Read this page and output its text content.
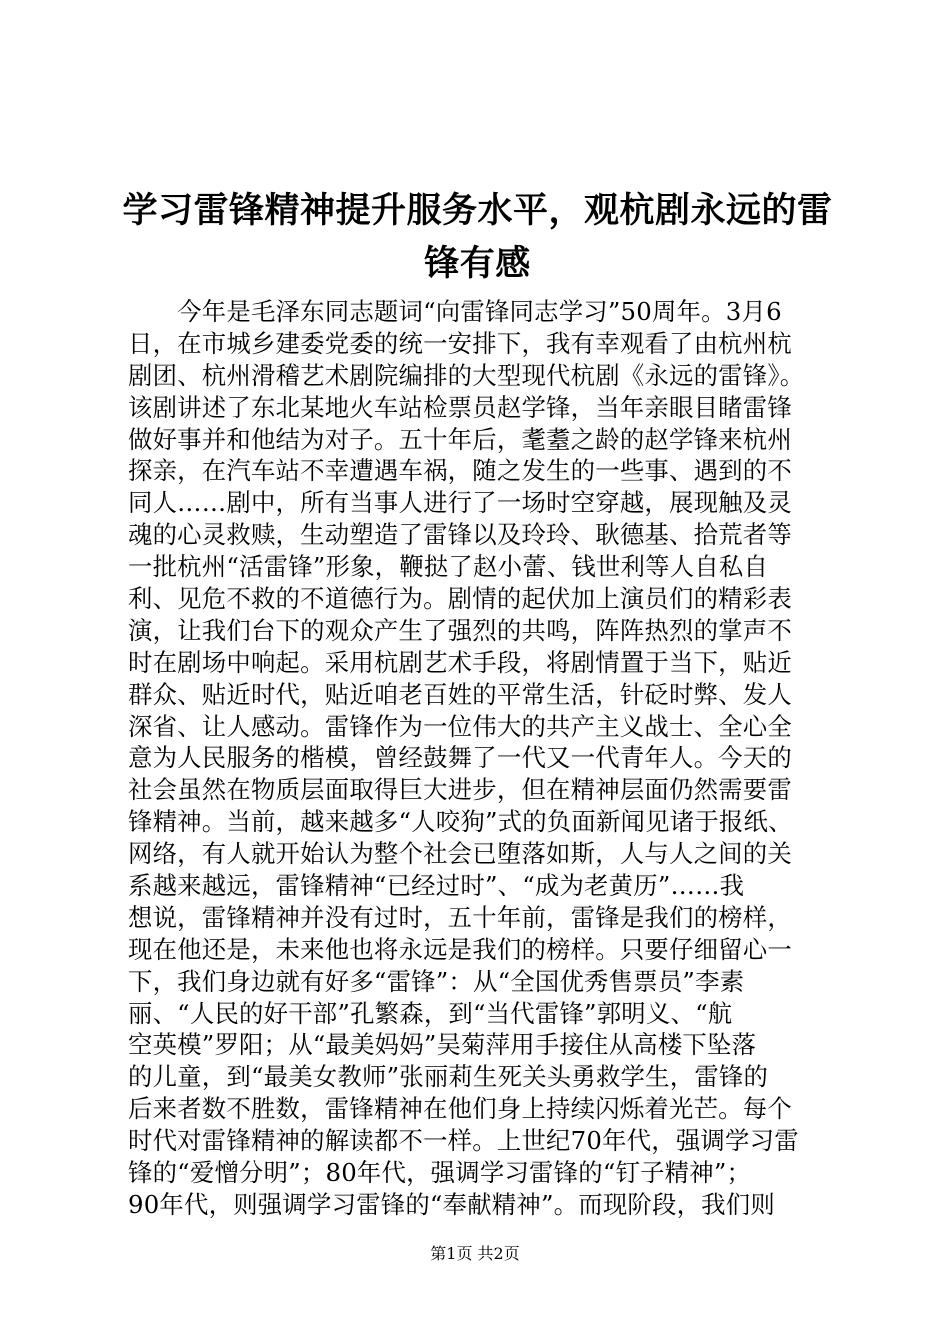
学习雷锋精神提升服务水平，观杭剧永远的雷
锋有感
　　今年是毛泽东同志题词“向雷锋同志学习”50周年。3月6
日，在市城乡建委党委的统一安排下，我有幸观看了由杭州杭
剧团、杭州滑稽艺术剧院编排的大型现代杭剧《永远的雷锋》。
该剧讲述了东北某地火车站检票员赵学锋，当年亲眼目睹雷锋
做好事并和他结为对子。五十年后，耄耋之龄的赵学锋来杭州
探亲，在汽车站不幸遭遇车祸，随之发生的一些事、遇到的不
同人……剧中，所有当事人进行了一场时空穿越，展现触及灵
魂的心灵救赎，生动塑造了雷锋以及玲玲、耿德基、拾荒者等
一批杭州“活雷锋”形象，鞭挞了赵小蕾、钱世利等人自私自
利、见危不救的不道德行为。剧情的起伏加上演员们的精彩表
演，让我们台下的观众产生了强烈的共鸣，阵阵热烈的掌声不
时在剧场中响起。采用杭剧艺术手段，将剧情置于当下，贴近
群众、贴近时代，贴近咱老百姓的平常生活，针砭时弊、发人
深省、让人感动。雷锋作为一位伟大的共产主义战士、全心全
意为人民服务的楷模，曾经鼓舞了一代又一代青年人。今天的
社会虽然在物质层面取得巨大进步，但在精神层面仍然需要雷
锋精神。当前，越来越多“人咬狗”式的负面新闻见诸于报纸、
网络，有人就开始认为整个社会已堕落如斯，人与人之间的关
系越来越远，雷锋精神“已经过时”、“成为老黄历”……我
想说，雷锋精神并没有过时，五十年前，雷锋是我们的榜样，
现在他还是，未来他也将永远是我们的榜样。只要仔细留心一
下，我们身边就有好多“雷锋”：从“全国优秀售票员”李素
丽、“人民的好干部”孔繁森，到“当代雷锋”郭明义、“航
空英模”罗阳；从“最美妈妈”吴菊萍用手接住从高楼下坠落
的儿童，到“最美女教师”张丽莉生死关头勇救学生，雷锋的
后来者数不胜数，雷锋精神在他们身上持续闪烁着光芒。每个
时代对雷锋精神的解读都不一样。上世纪70年代，强调学习雷
锋的“爱憎分明”；80年代，强调学习雷锋的“钉子精神”；
90年代，则强调学习雷锋的“奉献精神”。而现阶段，我们则
第1页 共2页
